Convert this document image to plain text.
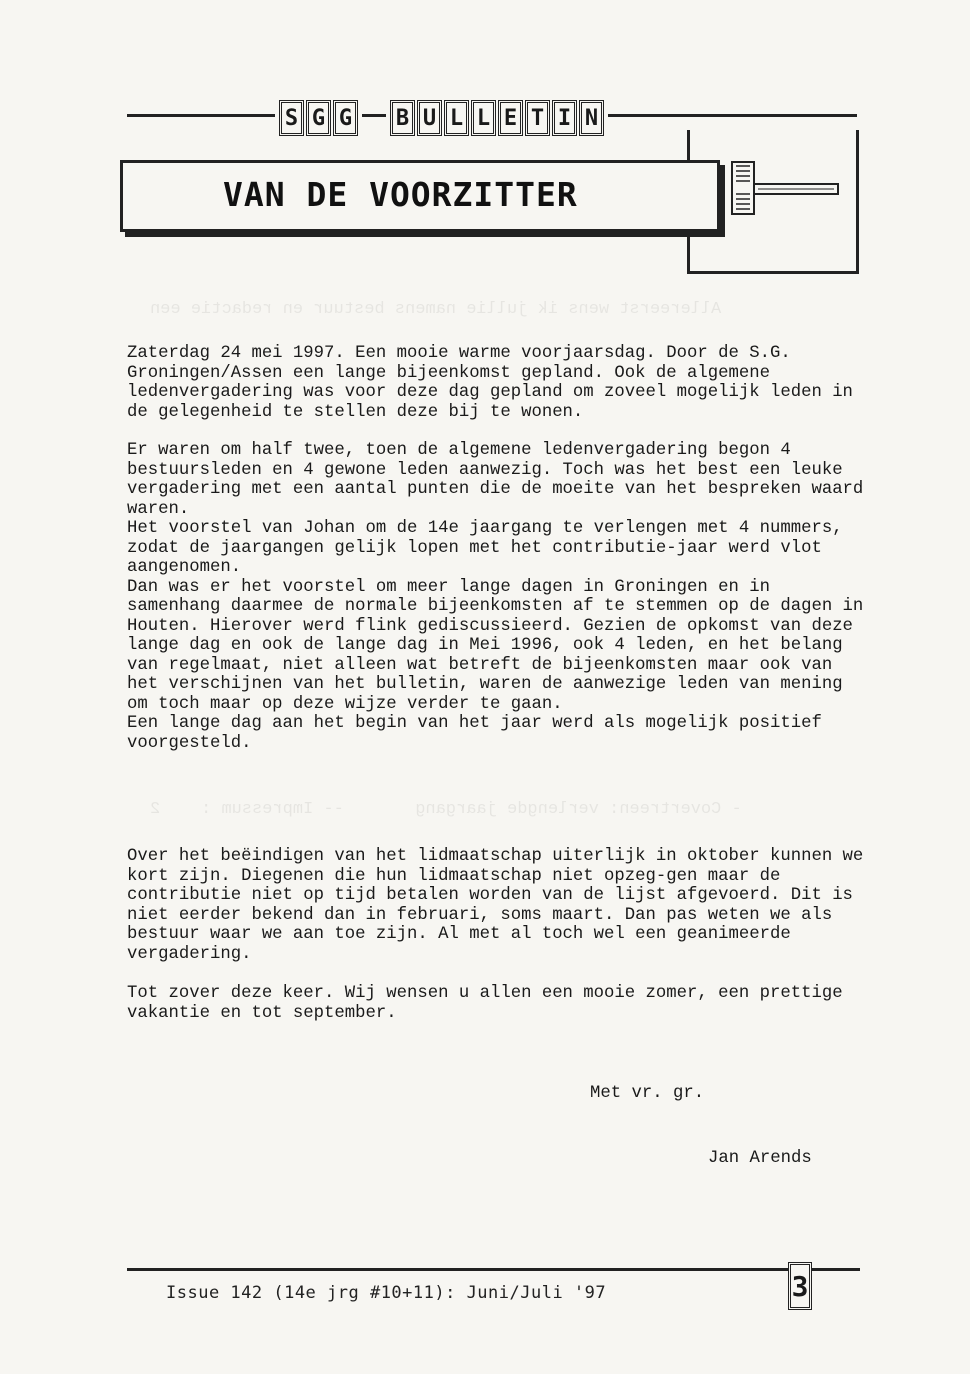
Allereerst wens ik jullie namens bestuur en redactie een
- Covertreen: verlengde jaargang       -- Impressum :    2
S G G B U L L E T I N
VAN DE VOORZITTER

Zaterdag 24 mei 1997. Een mooie warme voorjaarsdag. Door de S.G. Groningen/Assen een lange bijeenkomst gepland. Ook de algemene ledenvergadering was voor deze dag gepland om zoveel mogelijk leden in de gelegenheid te stellen deze bij te wonen.

Er waren om half twee, toen de algemene ledenvergadering begon 4 bestuursleden en 4 gewone leden aanwezig. Toch was het best een leuke vergadering met een aantal punten die de moeite van het bespreken waard waren.
Het voorstel van Johan om de 14e jaargang te verlengen met 4 nummers, zodat de jaargangen gelijk lopen met het contributie-jaar werd vlot aangenomen.
Dan was er het voorstel om meer lange dagen in Groningen en in samenhang daarmee de normale bijeenkomsten af te stemmen op de dagen in Houten. Hierover werd flink gediscussieerd. Gezien de opkomst van deze lange dag en ook de lange dag in Mei 1996, ook 4 leden, en het belang van regelmaat, niet alleen wat betreft de bijeenkomsten maar ook van het verschijnen van het bulletin, waren de aanwezige leden van mening om toch maar op deze wijze verder te gaan.
Een lange dag aan het begin van het jaar werd als mogelijk positief voorgesteld.

Over het beëindigen van het lidmaatschap uiterlijk in oktober kunnen we kort zijn. Diegenen die hun lidmaatschap niet opzeg-gen maar de contributie niet op tijd betalen worden van de lijst afgevoerd. Dit is niet eerder bekend dan in februari, soms maart. Dan pas weten we als bestuur waar we aan toe zijn. Al met al toch wel een geanimeerde vergadering.

Tot zover deze keer. Wij wensen u allen een mooie zomer, een prettige vakantie en tot september.

Met vr. gr.
Jan Arends
Issue 142 (14e jrg #10+11): Juni/Juli '97	3
